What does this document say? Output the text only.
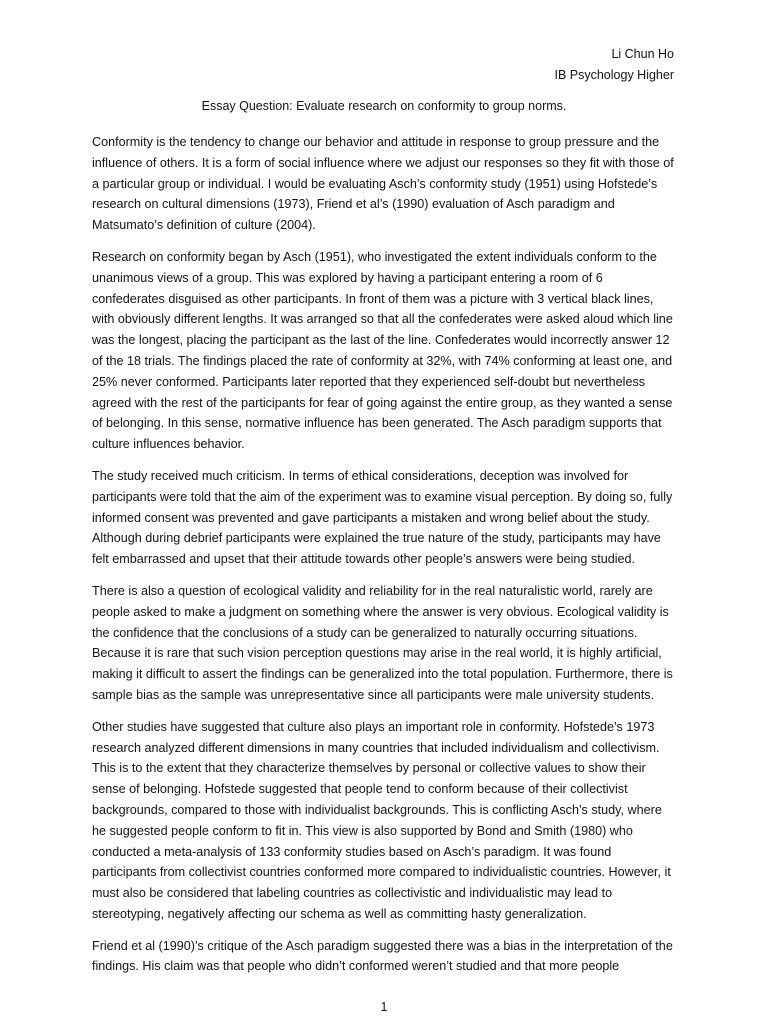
Li Chun Ho
IB Psychology Higher
Essay Question: Evaluate research on conformity to group norms.

Conformity is the tendency to change our behavior and attitude in response to group pressure and the influence of others. It is a form of social influence where we adjust our responses so they fit with those of a particular group or individual. I would be evaluating Asch’s conformity study (1951) using Hofstede’s research on cultural dimensions (1973), Friend et al’s (1990) evaluation of Asch paradigm and Matsumato’s definition of culture (2004).

Research on conformity began by Asch (1951), who investigated the extent individuals conform to the unanimous views of a group. This was explored by having a participant entering a room of 6 confederates disguised as other participants. In front of them was a picture with 3 vertical black lines, with obviously different lengths. It was arranged so that all the confederates were asked aloud which line was the longest, placing the participant as the last of the line. Confederates would incorrectly answer 12 of the 18 trials. The findings placed the rate of conformity at 32%, with 74% conforming at least one, and 25% never conformed. Participants later reported that they experienced self-doubt but nevertheless agreed with the rest of the participants for fear of going against the entire group, as they wanted a sense of belonging. In this sense, normative influence has been generated. The Asch paradigm supports that culture influences behavior.

The study received much criticism. In terms of ethical considerations, deception was involved for participants were told that the aim of the experiment was to examine visual perception. By doing so, fully informed consent was prevented and gave participants a mistaken and wrong belief about the study. Although during debrief participants were explained the true nature of the study, participants may have felt embarrassed and upset that their attitude towards other people’s answers were being studied.

There is also a question of ecological validity and reliability for in the real naturalistic world, rarely are people asked to make a judgment on something where the answer is very obvious. Ecological validity is the confidence that the conclusions of a study can be generalized to naturally occurring situations. Because it is rare that such vision perception questions may arise in the real world, it is highly artificial, making it difficult to assert the findings can be generalized into the total population. Furthermore, there is sample bias as the sample was unrepresentative since all participants were male university students.

Other studies have suggested that culture also plays an important role in conformity. Hofstede’s 1973 research analyzed different dimensions in many countries that included individualism and collectivism. This is to the extent that they characterize themselves by personal or collective values to show their sense of belonging. Hofstede suggested that people tend to conform because of their collectivist backgrounds, compared to those with individualist backgrounds. This is conflicting Asch’s study, where he suggested people conform to fit in. This view is also supported by Bond and Smith (1980) who conducted a meta-analysis of 133 conformity studies based on Asch’s paradigm. It was found participants from collectivist countries conformed more compared to individualistic countries. However, it must also be considered that labeling countries as collectivistic and individualistic may lead to stereotyping, negatively affecting our schema as well as committing hasty generalization.

Friend et al (1990)’s critique of the Asch paradigm suggested there was a bias in the interpretation of the findings. His claim was that people who didn’t conformed weren’t studied and that more people

1
